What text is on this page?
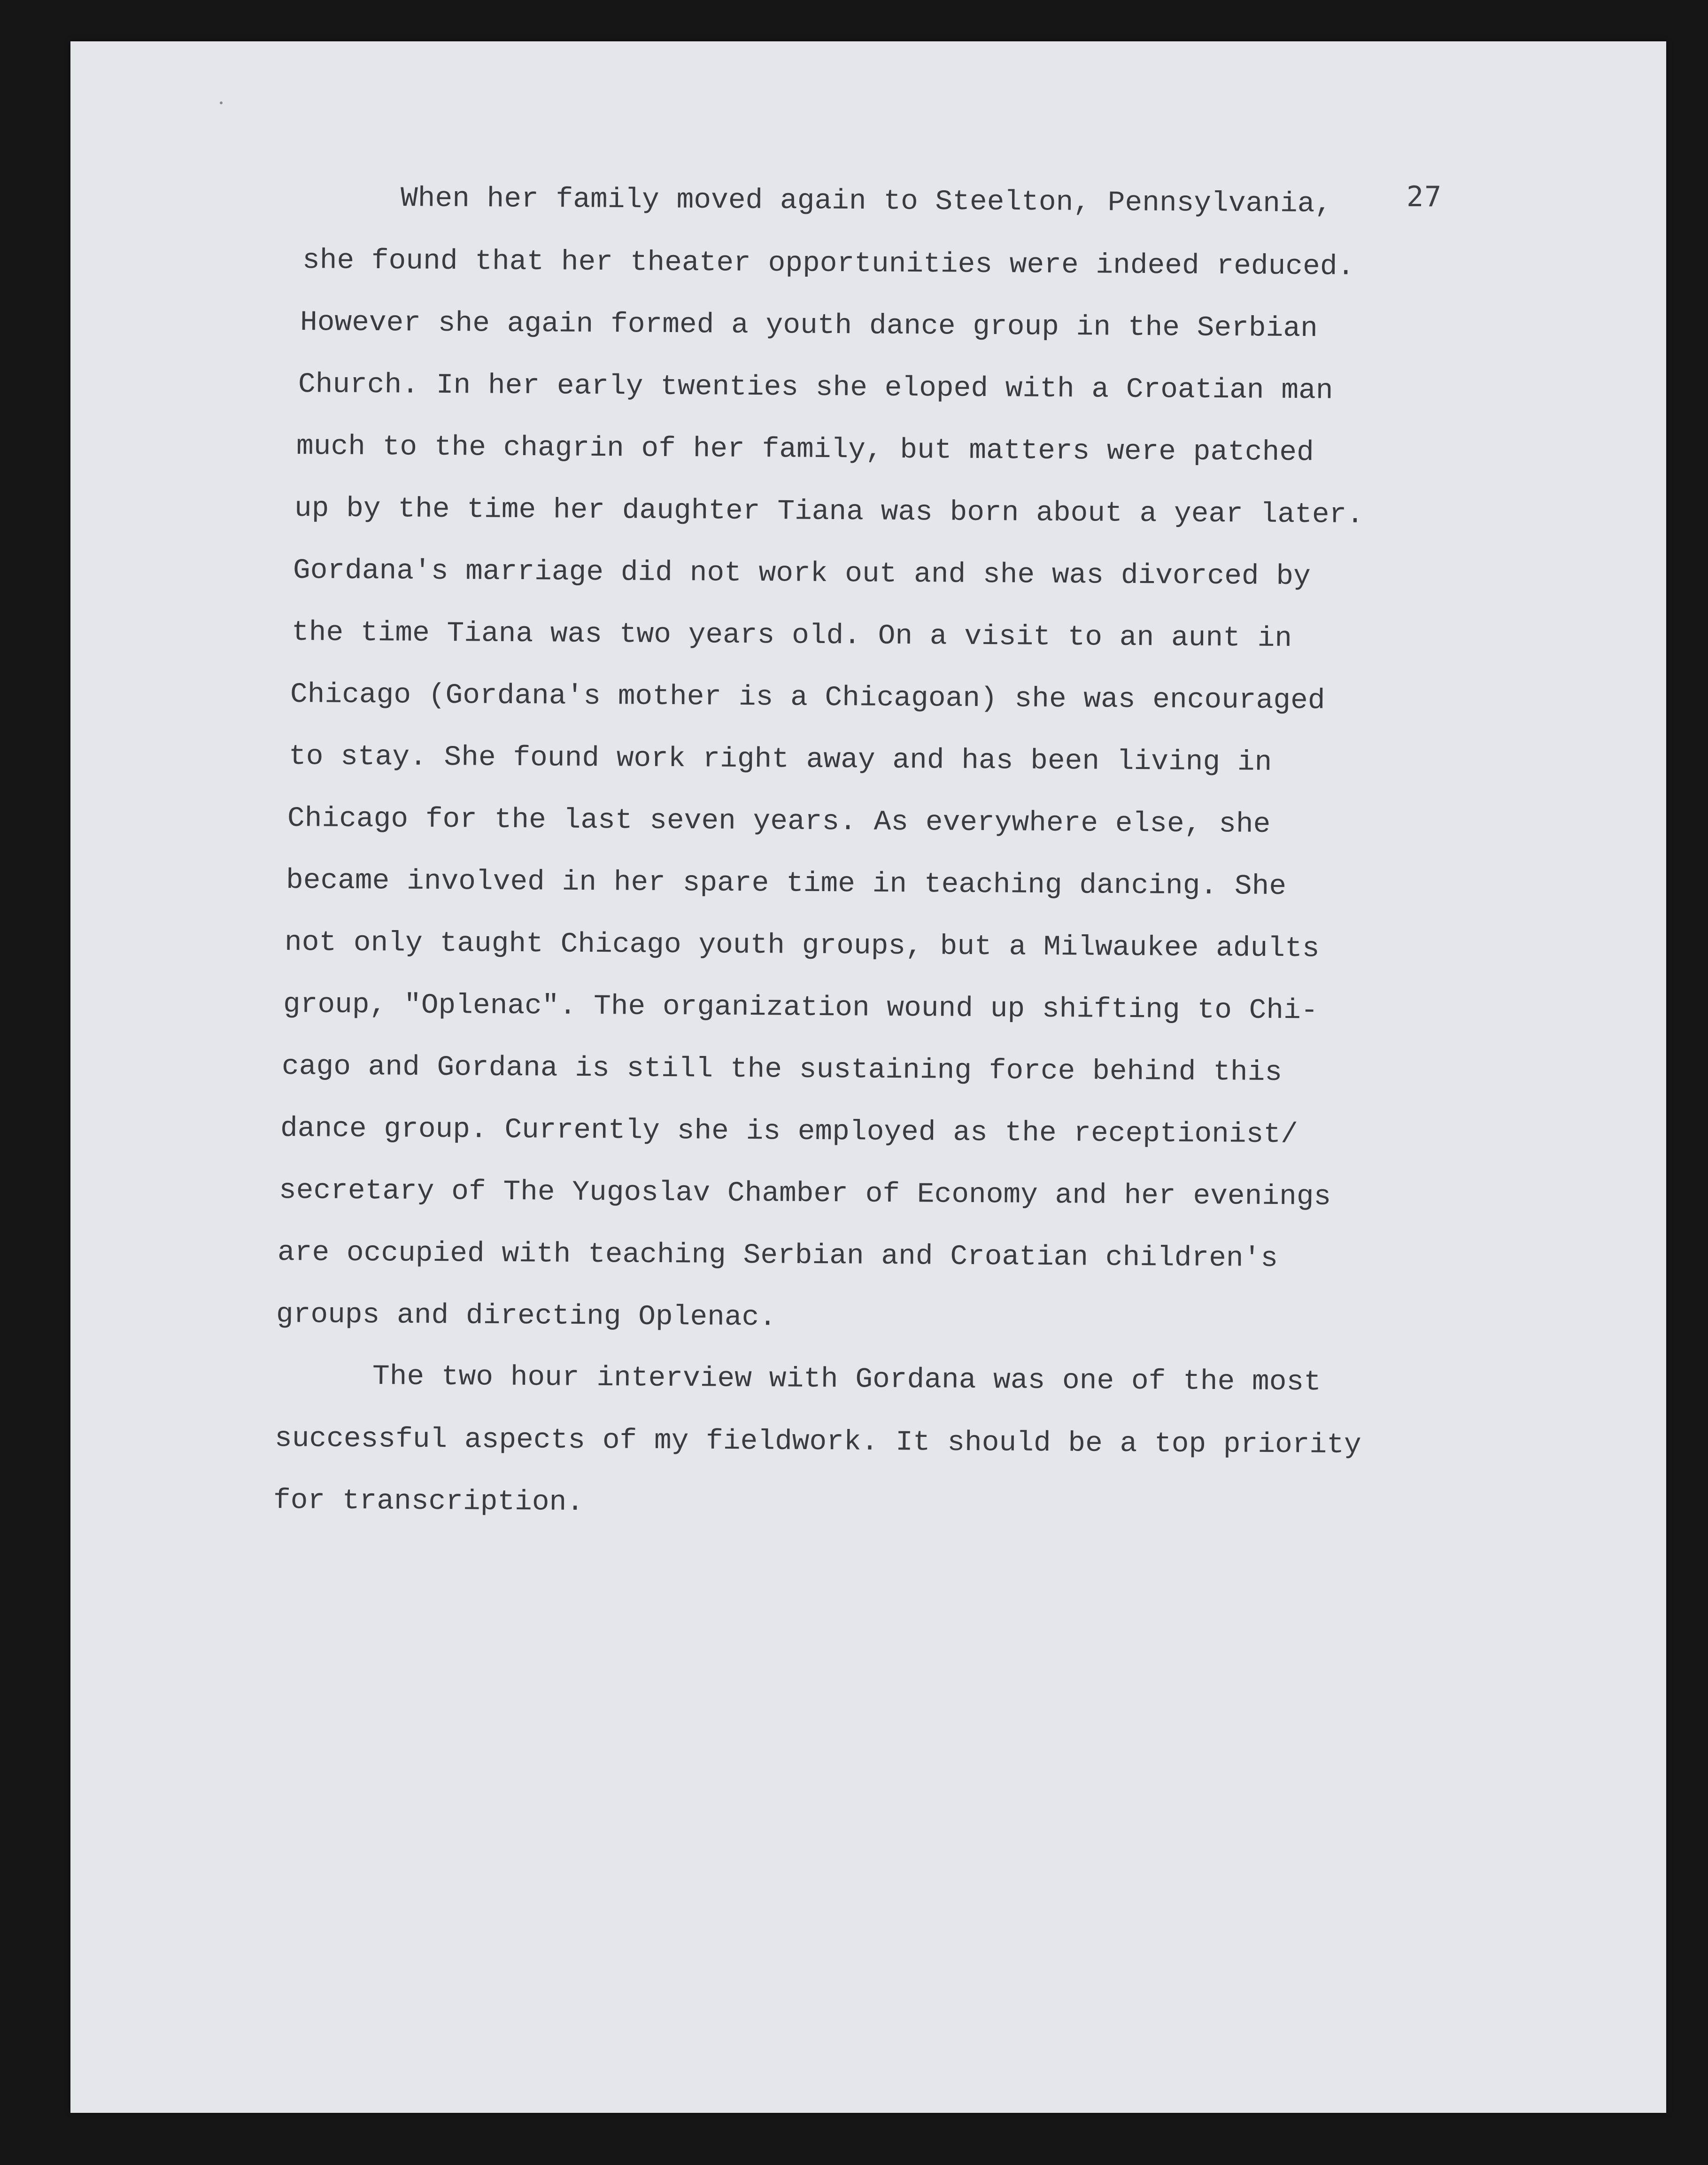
27
When her family moved again to Steelton, Pennsylvania,
she found that her theater opportunities were indeed reduced.
However she again formed a youth dance group in the Serbian
Church. In her early twenties she eloped with a Croatian man
much to the chagrin of her family, but matters were patched
up by the time her daughter Tiana was born about a year later.
Gordana's marriage did not work out and she was divorced by
the time Tiana was two years old. On a visit to an aunt in
Chicago (Gordana's mother is a Chicagoan) she was encouraged
to stay. She found work right away and has been living in
Chicago for the last seven years. As everywhere else, she
became involved in her spare time in teaching dancing. She
not only taught Chicago youth groups, but a Milwaukee adults
group, "Oplenac". The organization wound up shifting to Chi-
cago and Gordana is still the sustaining force behind this
dance group. Currently she is employed as the receptionist/
secretary of The Yugoslav Chamber of Economy and her evenings
are occupied with teaching Serbian and Croatian children's
groups and directing Oplenac.
The two hour interview with Gordana was one of the most
successful aspects of my fieldwork. It should be a top priority
for transcription.
